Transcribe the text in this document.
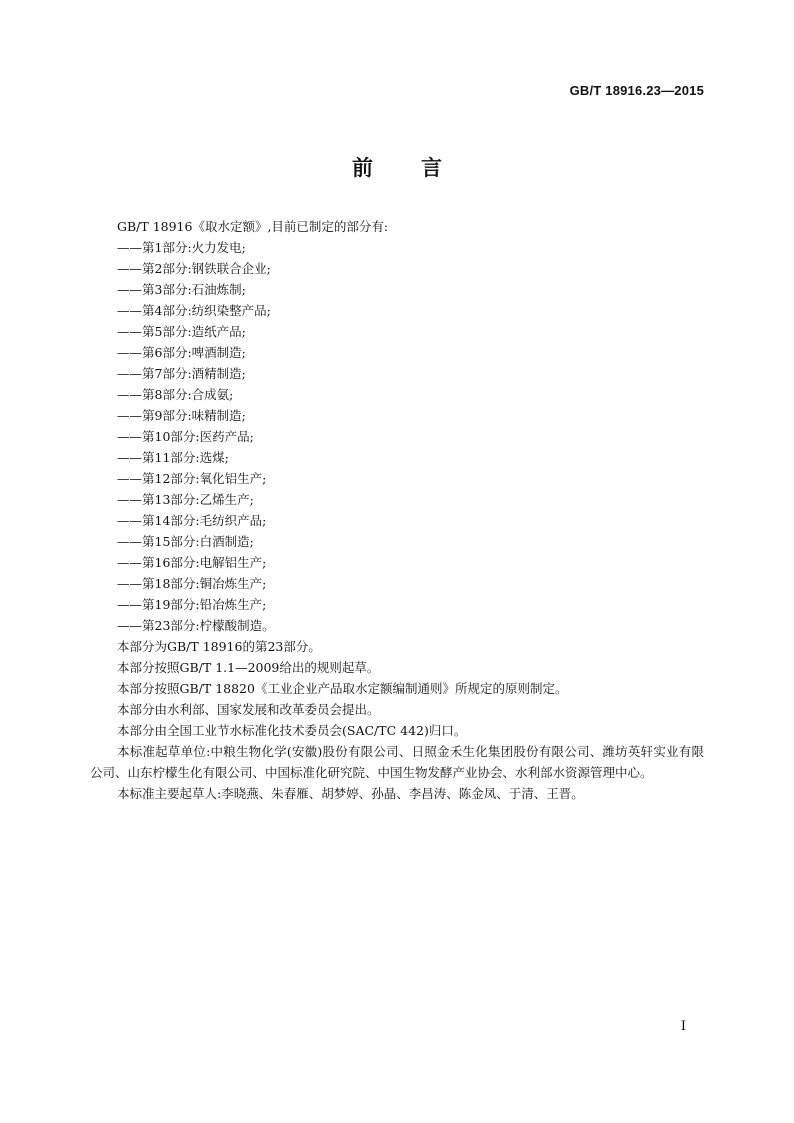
GB/T 18916.23—2015
前言
GB/T 18916《取水定额》,目前已制定的部分有:
——第1部分:火力发电;
——第2部分:钢铁联合企业;
——第3部分:石油炼制;
——第4部分:纺织染整产品;
——第5部分:造纸产品;
——第6部分:啤酒制造;
——第7部分:酒精制造;
——第8部分:合成氨;
——第9部分:味精制造;
——第10部分:医药产品;
——第11部分:选煤;
——第12部分:氧化铝生产;
——第13部分:乙烯生产;
——第14部分:毛纺织产品;
——第15部分:白酒制造;
——第16部分:电解铝生产;
——第18部分:铜冶炼生产;
——第19部分:铅冶炼生产;
——第23部分:柠檬酸制造。
本部分为GB/T 18916的第23部分。
本部分按照GB/T 1.1—2009给出的规则起草。
本部分按照GB/T 18820《工业企业产品取水定额编制通则》所规定的原则制定。
本部分由水利部、国家发展和改革委员会提出。
本部分由全国工业节水标准化技术委员会(SAC/TC 442)归口。
本标准起草单位:中粮生物化学(安徽)股份有限公司、日照金禾生化集团股份有限公司、潍坊英轩实业有限公司、山东柠檬生化有限公司、中国标准化研究院、中国生物发酵产业协会、水利部水资源管理中心。
本标准主要起草人:李晓燕、朱春雁、胡梦婷、孙晶、李昌涛、陈金凤、于清、王晋。
I
